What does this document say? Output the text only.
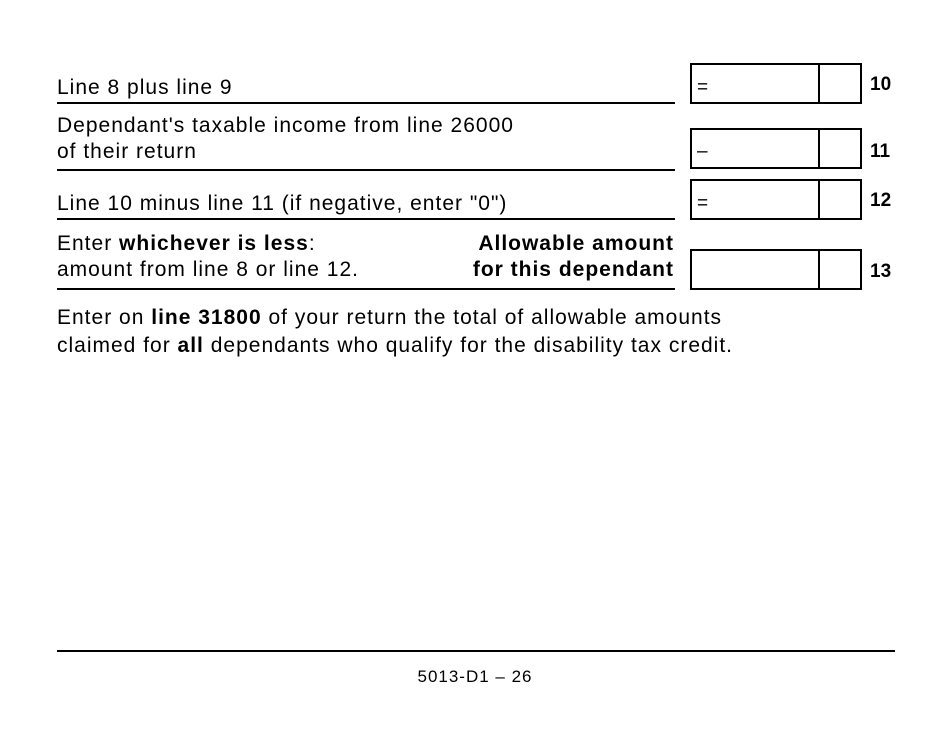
Line 8 plus line 9	=	10
Dependant's taxable income from line 26000
of their return	–	11
Line 10 minus line 11 (if negative, enter "0")	=	12
Enter whichever is less:
amount from line 8 or line 12.
Allowable amount
for this dependant	13
Enter on line 31800 of your return the total of allowable amounts
claimed for all dependants who qualify for the disability tax credit.
5013-D1 – 26
